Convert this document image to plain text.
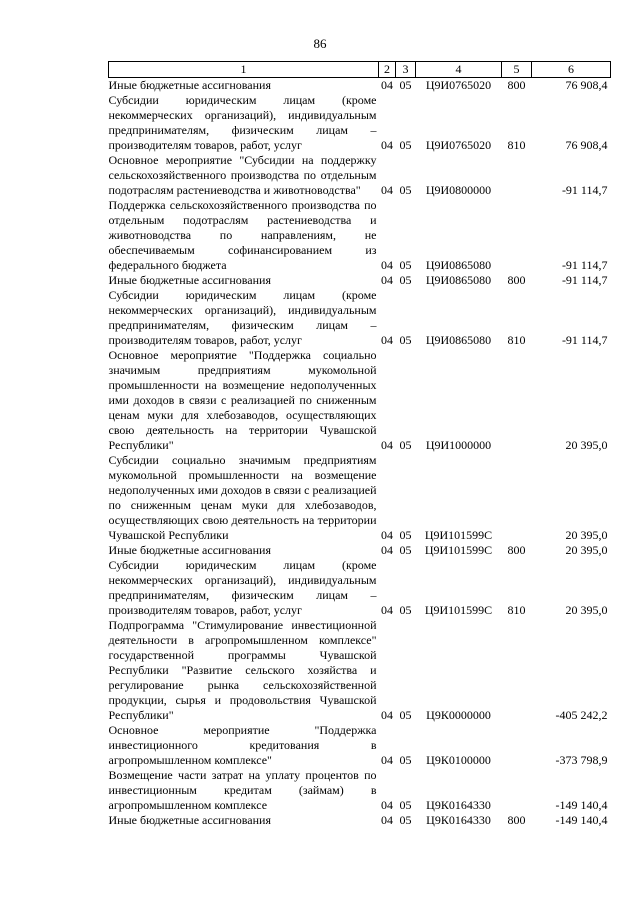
86
1	2	3	4	5	6
Иные бюджетные ассигнования	04	05	Ц9И0765020	800	76 908,4
Субсидии юридическим лицам (кроме некоммерческих организаций), индивидуальным предпринимателям, физическим лицам – производителям товаров, работ, услуг	04	05	Ц9И0765020	810	76 908,4
Основное мероприятие "Субсидии на поддержку сельскохозяйственного производства по отдельным подотраслям растениеводства и животноводства"	04	05	Ц9И0800000		-91 114,7
Поддержка сельскохозяйственного производства по отдельным подотраслям растениеводства и животноводства по направлениям, не обеспечиваемым софинансированием из федерального бюджета	04	05	Ц9И0865080		-91 114,7
Иные бюджетные ассигнования	04	05	Ц9И0865080	800	-91 114,7
Субсидии юридическим лицам (кроме некоммерческих организаций), индивидуальным предпринимателям, физическим лицам – производителям товаров, работ, услуг	04	05	Ц9И0865080	810	-91 114,7
Основное мероприятие "Поддержка социально значимым предприятиям мукомольной промышленности на возмещение недополученных ими доходов в связи с реализацией по сниженным ценам муки для хлебозаводов, осуществляющих свою деятельность на территории Чувашской Республики"	04	05	Ц9И1000000		20 395,0
Субсидии социально значимым предприятиям мукомольной промышленности на возмещение недополученных ими доходов в связи с реализацией по сниженным ценам муки для хлебозаводов, осуществляющих свою деятельность на территории Чувашской Республики	04	05	Ц9И101599С		20 395,0
Иные бюджетные ассигнования	04	05	Ц9И101599С	800	20 395,0
Субсидии юридическим лицам (кроме некоммерческих организаций), индивидуальным предпринимателям, физическим лицам – производителям товаров, работ, услуг	04	05	Ц9И101599С	810	20 395,0
Подпрограмма "Стимулирование инвестиционной деятельности в агропромышленном комплексе" государственной программы Чувашской Республики "Развитие сельского хозяйства и регулирование рынка сельскохозяйственной продукции, сырья и продовольствия Чувашской Республики"	04	05	Ц9К0000000		-405 242,2
Основное мероприятие "Поддержка инвестиционного кредитования в агропромышленном комплексе"	04	05	Ц9К0100000		-373 798,9
Возмещение части затрат на уплату процентов по инвестиционным кредитам (займам) в агропромышленном комплексе	04	05	Ц9К0164330		-149 140,4
Иные бюджетные ассигнования	04	05	Ц9К0164330	800	-149 140,4
